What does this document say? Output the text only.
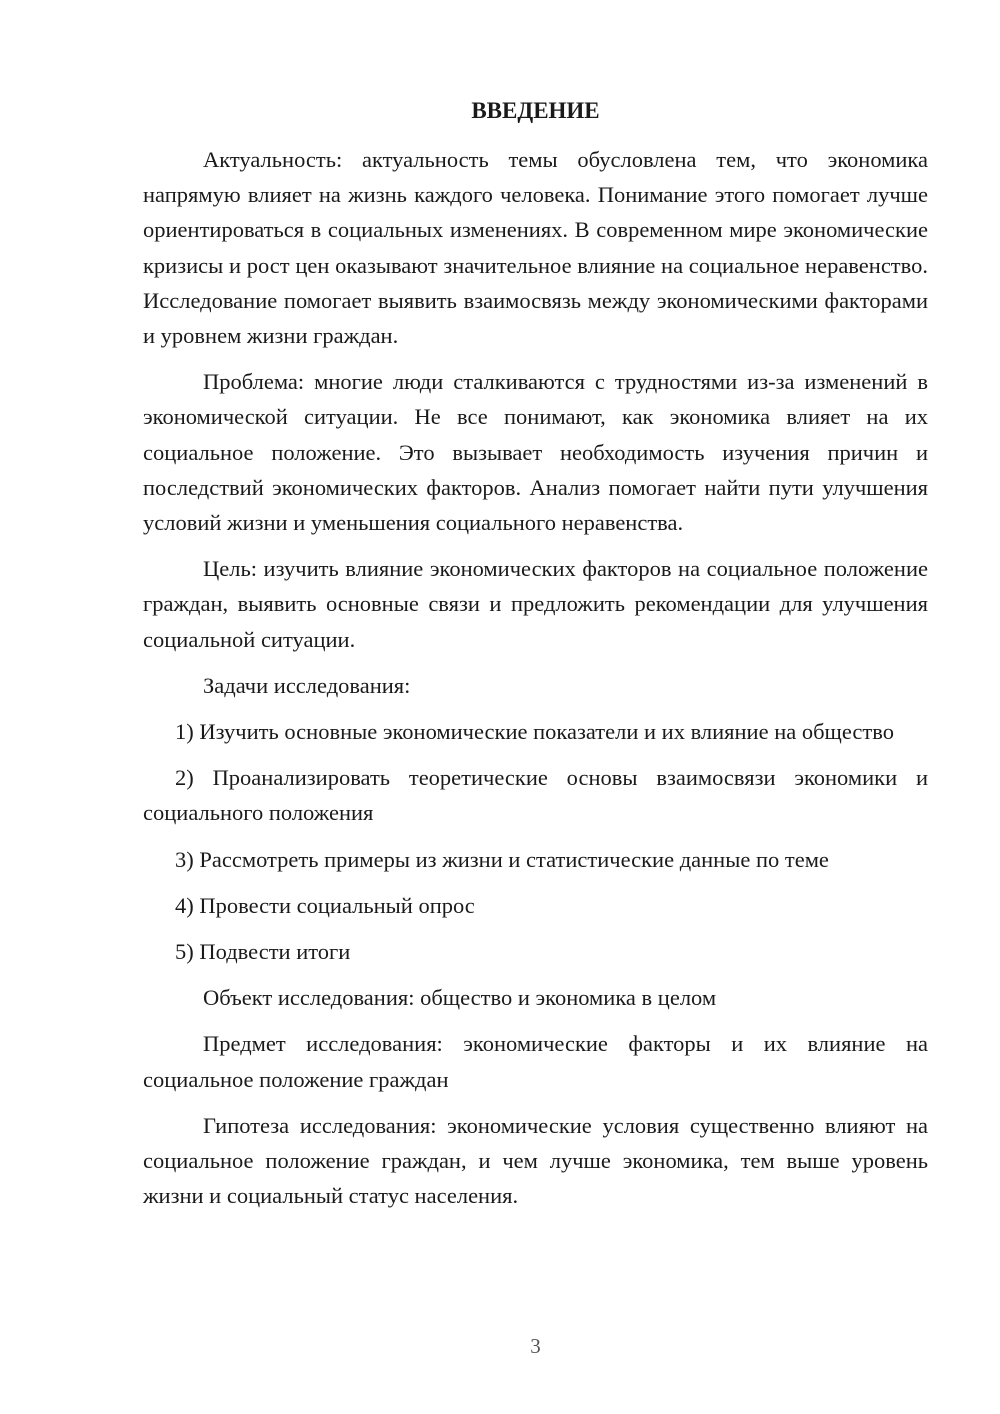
ВВЕДЕНИЕ

Актуальность: актуальность темы обусловлена тем, что экономика напрямую влияет на жизнь каждого человека. Понимание этого помогает лучше ориентироваться в социальных изменениях. В современном мире экономические кризисы и рост цен оказывают значительное влияние на социальное неравенство. Исследование помогает выявить взаимосвязь между экономическими факторами и уровнем жизни граждан.

Проблема: многие люди сталкиваются с трудностями из-за изменений в экономической ситуации. Не все понимают, как экономика влияет на их социальное положение. Это вызывает необходимость изучения причин и последствий экономических факторов. Анализ помогает найти пути улучшения условий жизни и уменьшения социального неравенства.

Цель: изучить влияние экономических факторов на социальное положение граждан, выявить основные связи и предложить рекомендации для улучшения социальной ситуации.

Задачи исследования:

1) Изучить основные экономические показатели и их влияние на общество

2) Проанализировать теоретические основы взаимосвязи экономики и социального положения

3) Рассмотреть примеры из жизни и статистические данные по теме

4) Провести социальный опрос

5) Подвести итоги

Объект исследования: общество и экономика в целом

Предмет исследования: экономические факторы и их влияние на социальное положение граждан

Гипотеза исследования: экономические условия существенно влияют на социальное положение граждан, и чем лучше экономика, тем выше уровень жизни и социальный статус населения.

3
